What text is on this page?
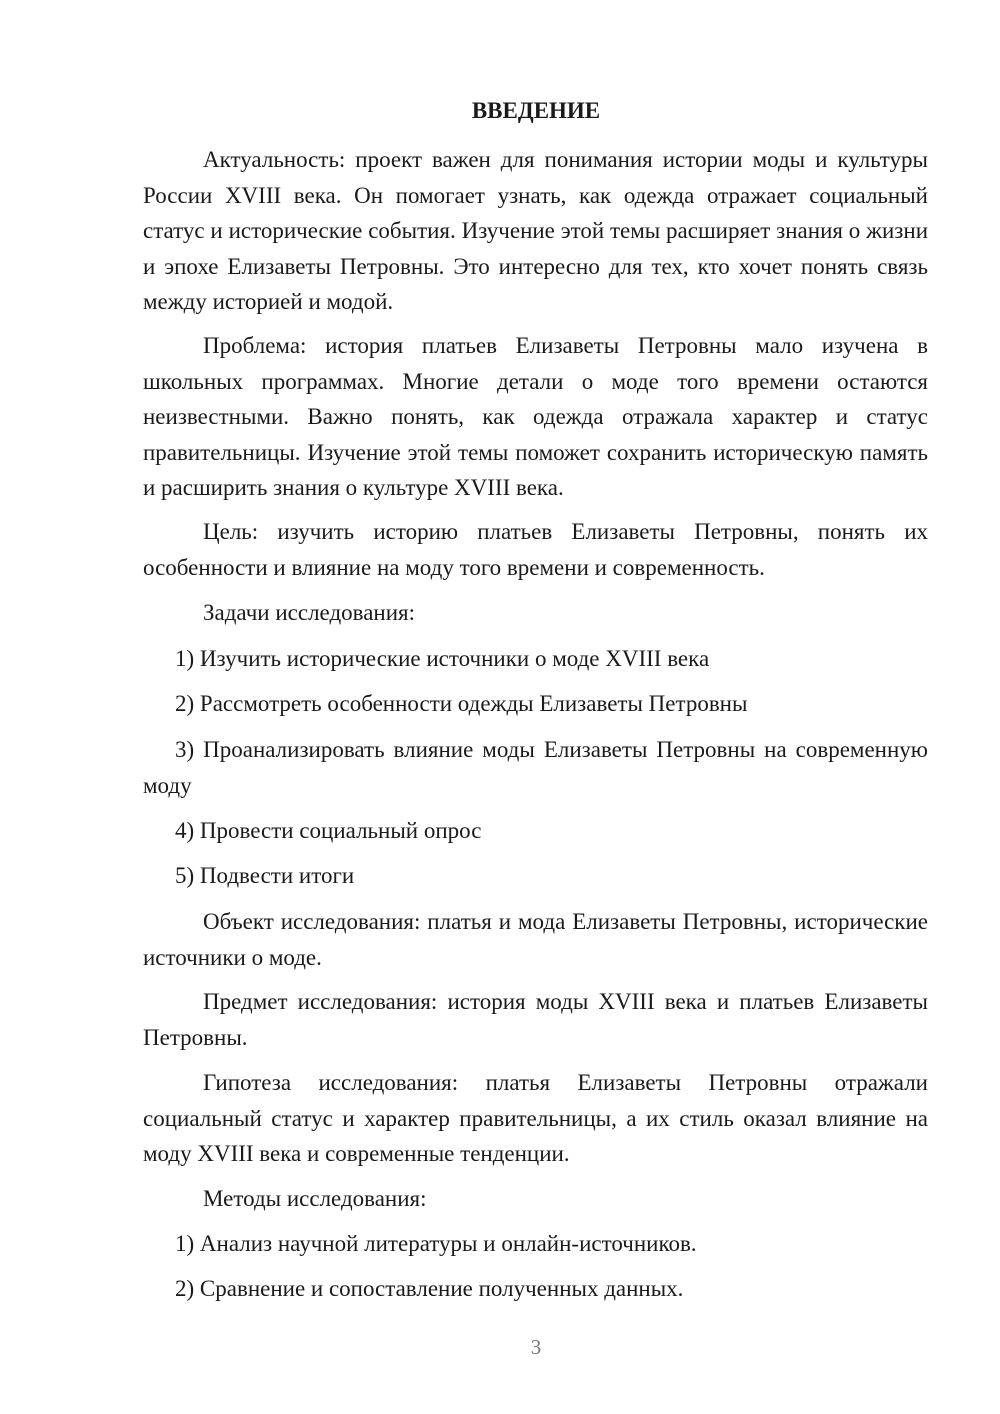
ВВЕДЕНИЕ

Актуальность: проект важен для понимания истории моды и культуры России XVIII века. Он помогает узнать, как одежда отражает социальный статус и исторические события. Изучение этой темы расширяет знания о жизни и эпохе Елизаветы Петровны. Это интересно для тех, кто хочет понять связь между историей и модой.

Проблема: история платьев Елизаветы Петровны мало изучена в школьных программах. Многие детали о моде того времени остаются неизвестными. Важно понять, как одежда отражала характер и статус правительницы. Изучение этой темы поможет сохранить историческую память и расширить знания о культуре XVIII века.

Цель: изучить историю платьев Елизаветы Петровны, понять их особенности и влияние на моду того времени и современность.

Задачи исследования:

1) Изучить исторические источники о моде XVIII века

2) Рассмотреть особенности одежды Елизаветы Петровны

3) Проанализировать влияние моды Елизаветы Петровны на современную моду

4) Провести социальный опрос

5) Подвести итоги

Объект исследования: платья и мода Елизаветы Петровны, исторические источники о моде.

Предмет исследования: история моды XVIII века и платьев Елизаветы Петровны.

Гипотеза исследования: платья Елизаветы Петровны отражали социальный статус и характер правительницы, а их стиль оказал влияние на моду XVIII века и современные тенденции.

Методы исследования:

1) Анализ научной литературы и онлайн-источников.

2) Сравнение и сопоставление полученных данных.

3
